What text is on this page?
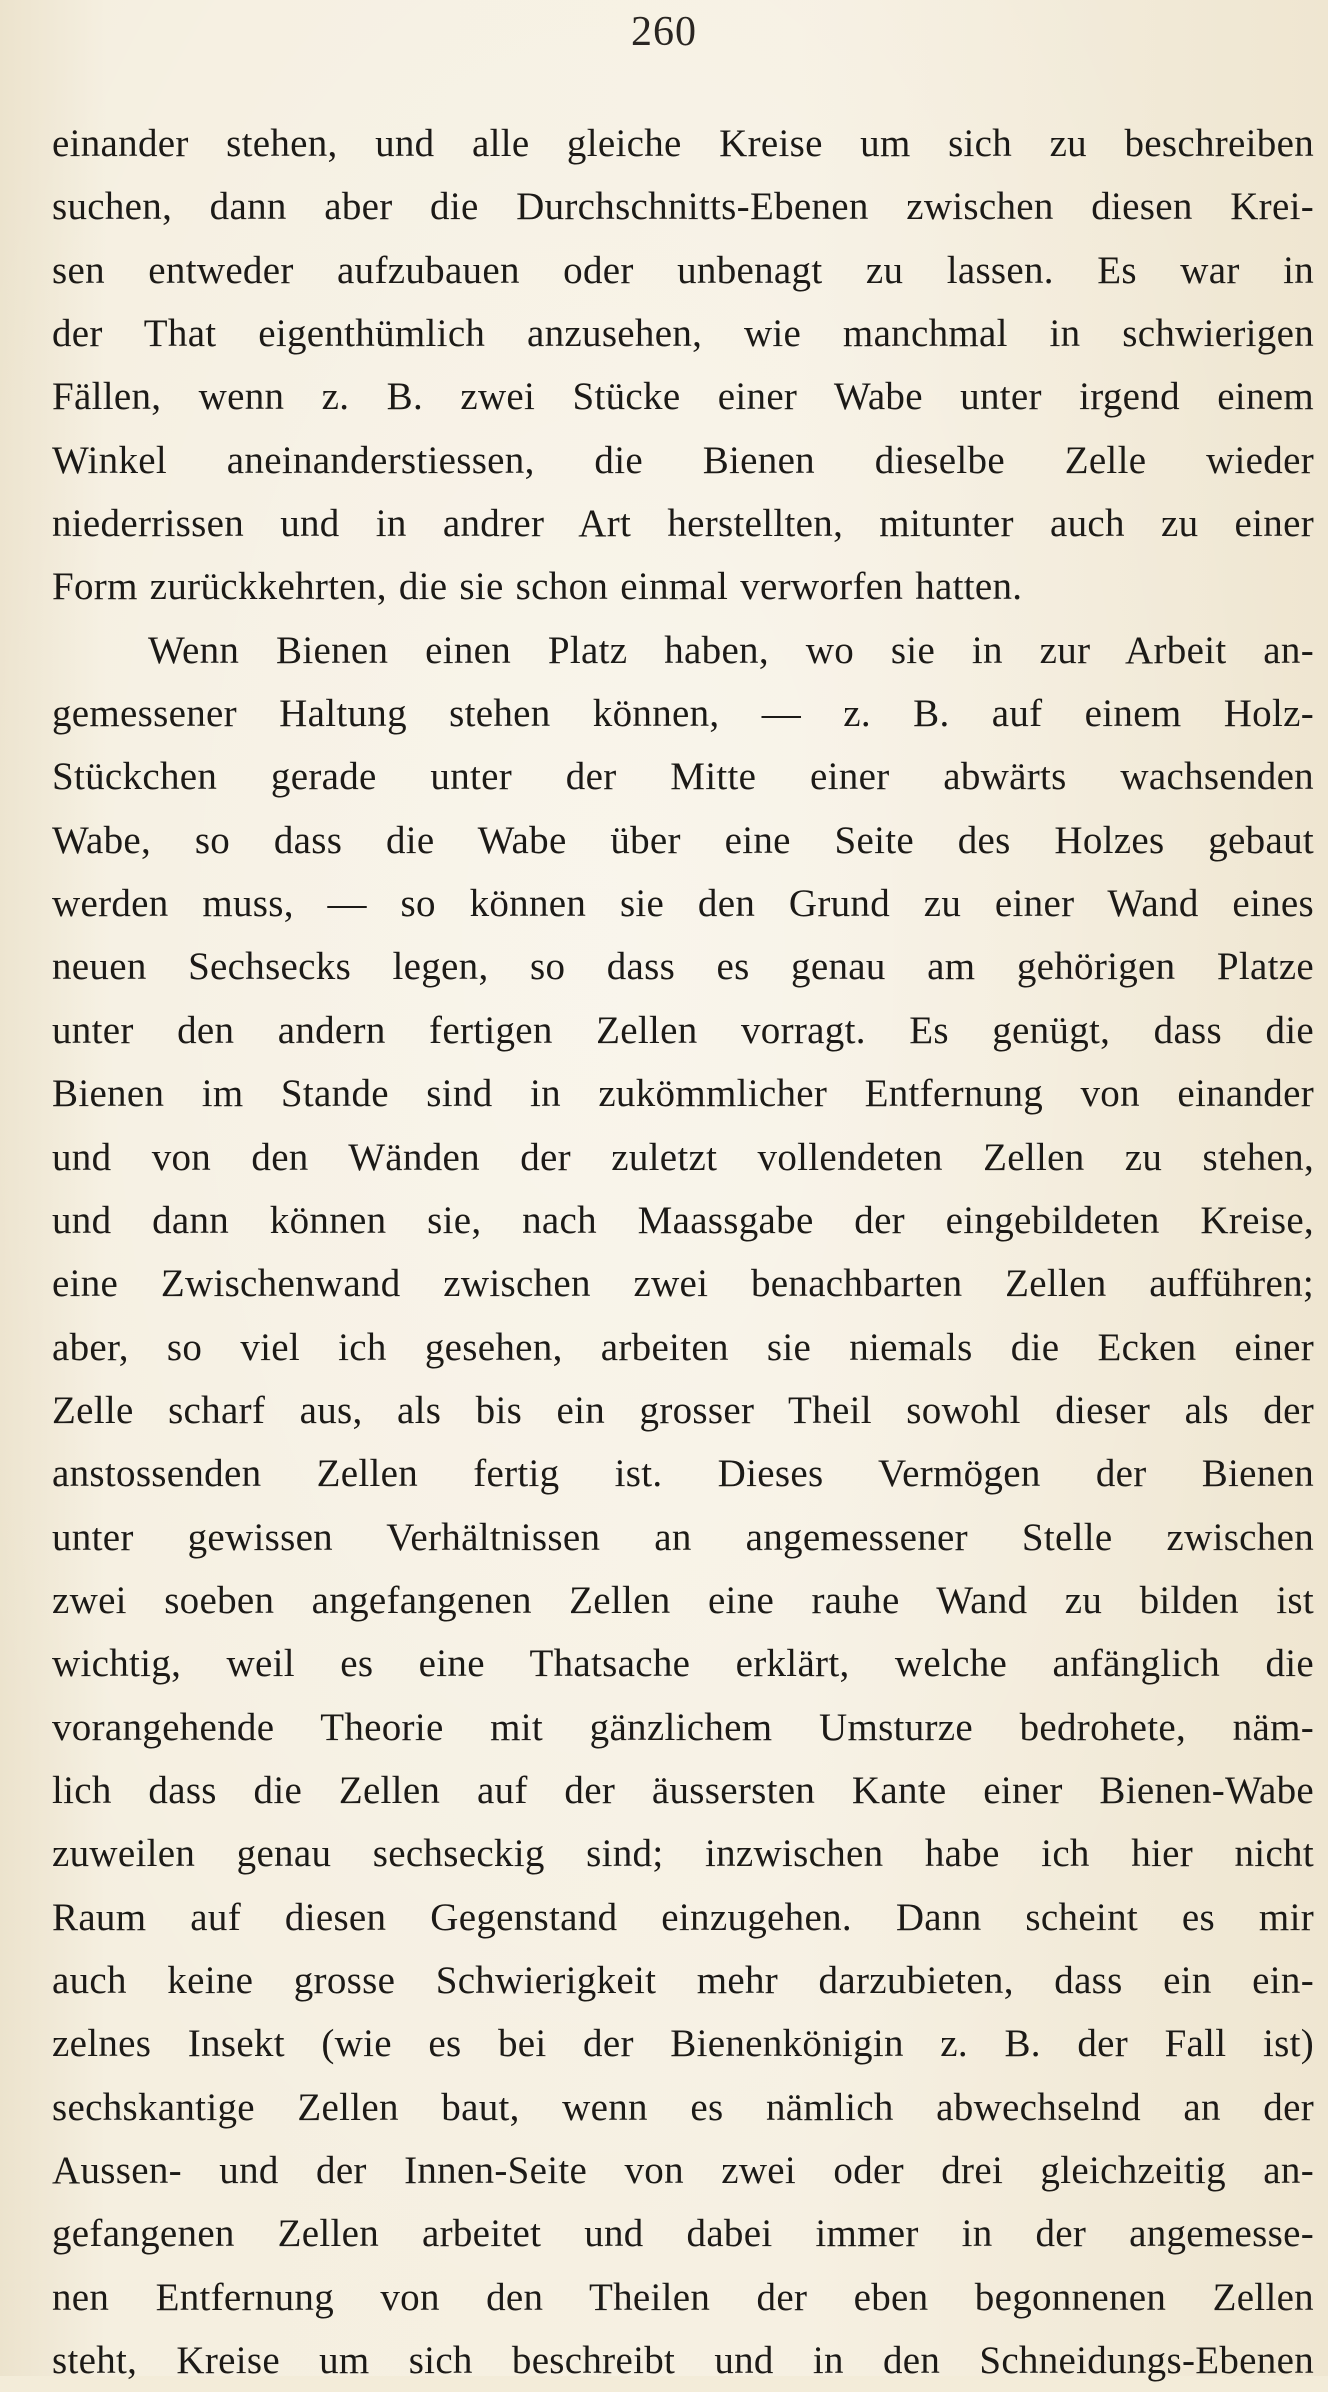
260
einander stehen, und alle gleiche Kreise um sich zu beschreiben
suchen, dann aber die Durchschnitts-Ebenen zwischen diesen Krei-
sen entweder aufzubauen oder unbenagt zu lassen. Es war in
der That eigenthümlich anzusehen, wie manchmal in schwierigen
Fällen, wenn z. B. zwei Stücke einer Wabe unter irgend einem
Winkel aneinanderstiessen, die Bienen dieselbe Zelle wieder
niederrissen und in andrer Art herstellten, mitunter auch zu einer
Form zurückkehrten, die sie schon einmal verworfen hatten.
Wenn Bienen einen Platz haben, wo sie in zur Arbeit an-
gemessener Haltung stehen können, — z. B. auf einem Holz-
Stückchen gerade unter der Mitte einer abwärts wachsenden
Wabe, so dass die Wabe über eine Seite des Holzes gebaut
werden muss, — so können sie den Grund zu einer Wand eines
neuen Sechsecks legen, so dass es genau am gehörigen Platze
unter den andern fertigen Zellen vorragt. Es genügt, dass die
Bienen im Stande sind in zukömmlicher Entfernung von einander
und von den Wänden der zuletzt vollendeten Zellen zu stehen,
und dann können sie, nach Maassgabe der eingebildeten Kreise,
eine Zwischenwand zwischen zwei benachbarten Zellen aufführen;
aber, so viel ich gesehen, arbeiten sie niemals die Ecken einer
Zelle scharf aus, als bis ein grosser Theil sowohl dieser als der
anstossenden Zellen fertig ist. Dieses Vermögen der Bienen
unter gewissen Verhältnissen an angemessener Stelle zwischen
zwei soeben angefangenen Zellen eine rauhe Wand zu bilden ist
wichtig, weil es eine Thatsache erklärt, welche anfänglich die
vorangehende Theorie mit gänzlichem Umsturze bedrohete, näm-
lich dass die Zellen auf der äussersten Kante einer Bienen-Wabe
zuweilen genau sechseckig sind; inzwischen habe ich hier nicht
Raum auf diesen Gegenstand einzugehen. Dann scheint es mir
auch keine grosse Schwierigkeit mehr darzubieten, dass ein ein-
zelnes Insekt (wie es bei der Bienenkönigin z. B. der Fall ist)
sechskantige Zellen baut, wenn es nämlich abwechselnd an der
Aussen- und der Innen-Seite von zwei oder drei gleichzeitig an-
gefangenen Zellen arbeitet und dabei immer in der angemesse-
nen Entfernung von den Theilen der eben begonnenen Zellen
steht, Kreise um sich beschreibt und in den Schneidungs-Ebenen
